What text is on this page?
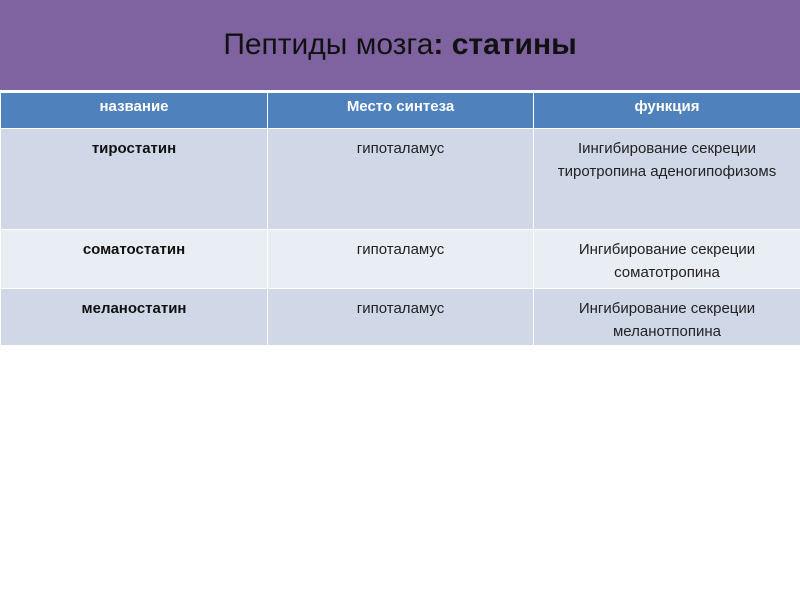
Пептиды мозга: статины
название	Место синтеза	функция
тиростатин	гипоталамус	Iингибирование секреции тиротропина аденогипофизомs
соматостатин	гипоталамус	Ингибирование секреции соматотропина
меланостатин	гипоталамус	Ингибирование секреции меланотпопина
